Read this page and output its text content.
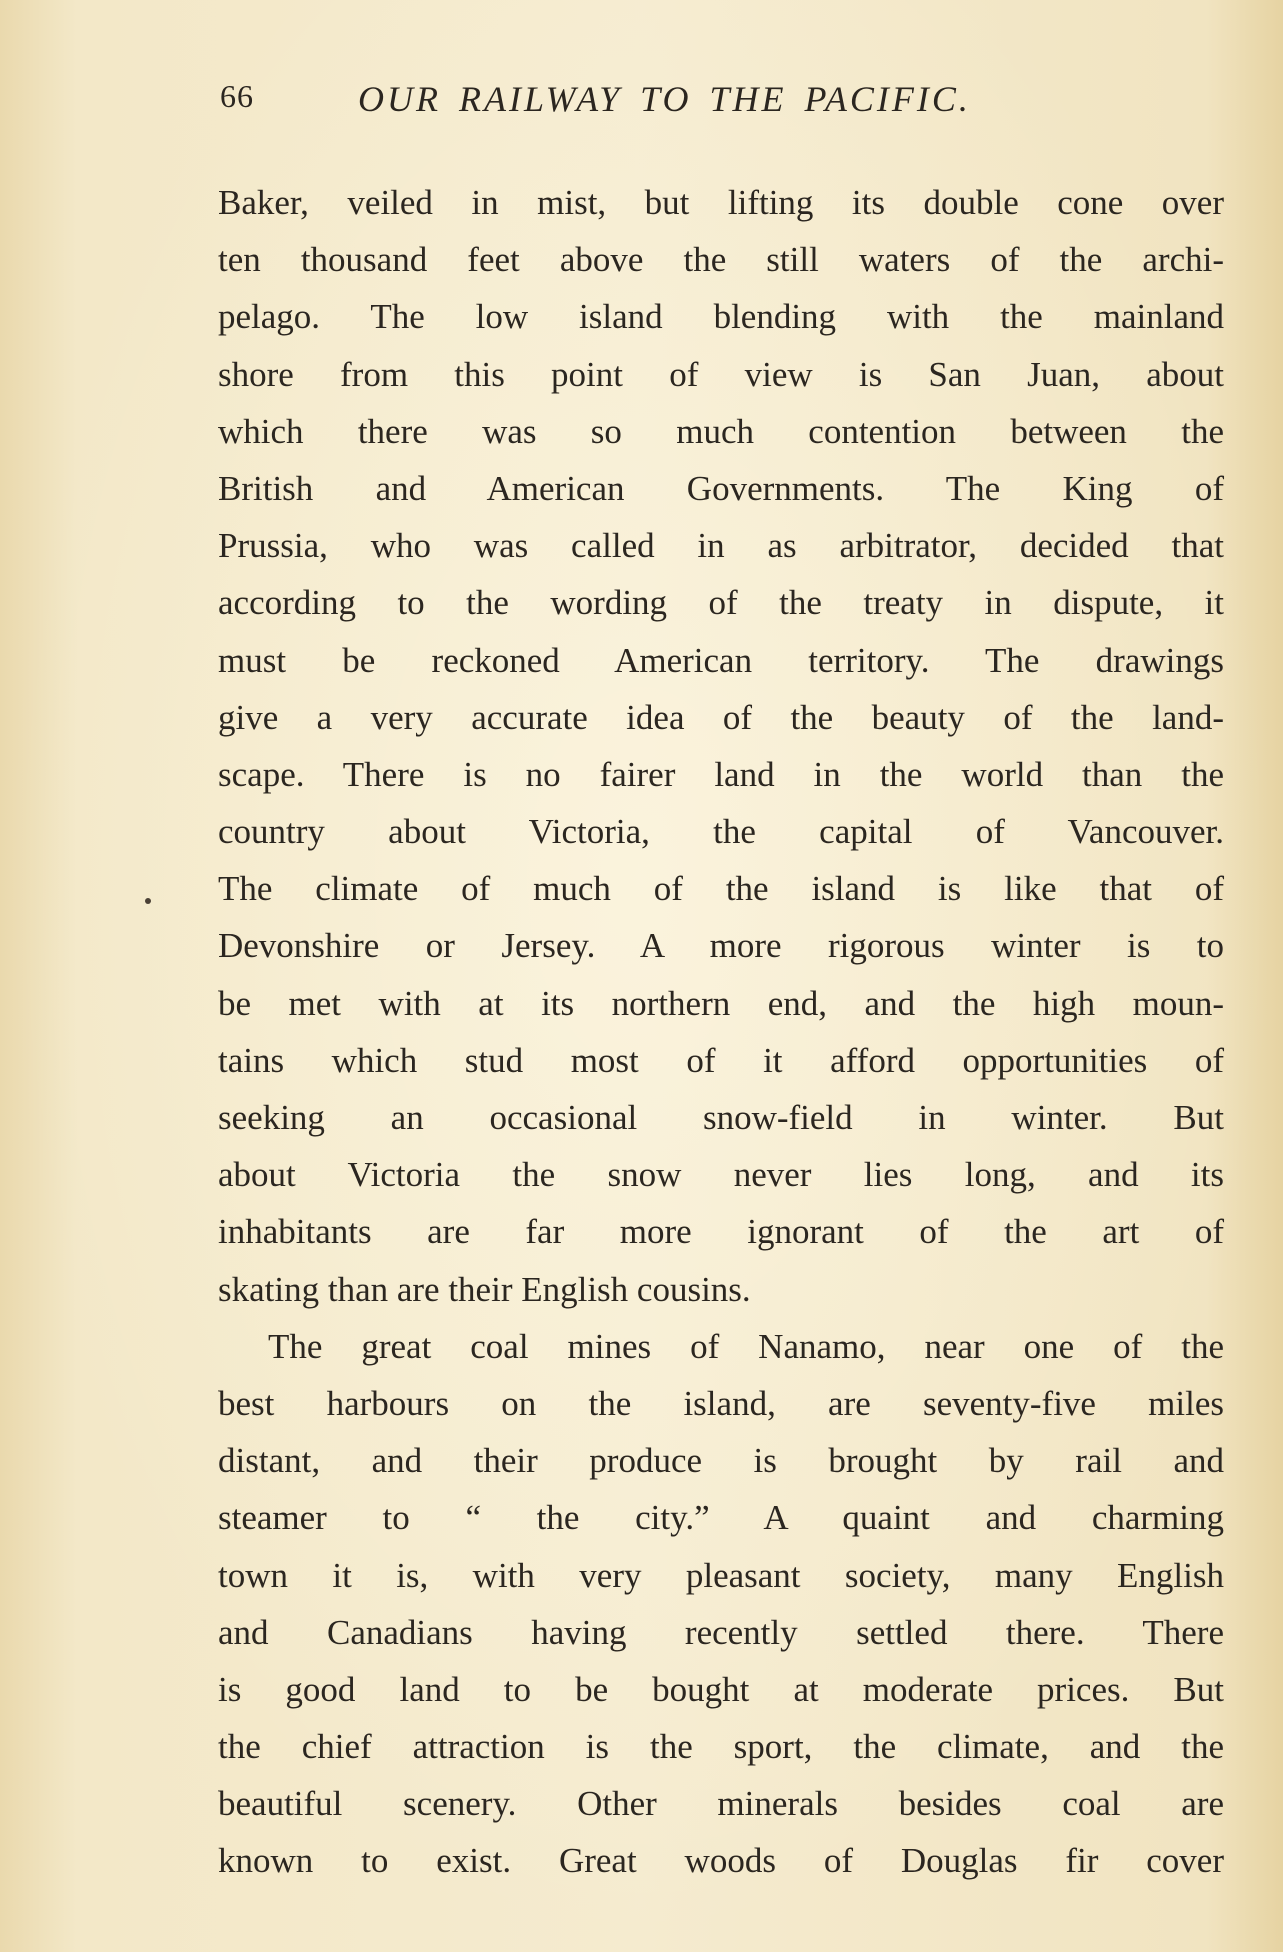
66	OUR RAILWAY TO THE PACIFIC.
Baker, veiled in mist, but lifting its double cone over
ten thousand feet above the still waters of the archi-
pelago. The low island blending with the mainland
shore from this point of view is San Juan, about
which there was so much contention between the
British and American Governments. The King of
Prussia, who was called in as arbitrator, decided that
according to the wording of the treaty in dispute, it
must be reckoned American territory. The drawings
give a very accurate idea of the beauty of the land-
scape. There is no fairer land in the world than the
country about Victoria, the capital of Vancouver.
The climate of much of the island is like that of
Devonshire or Jersey. A more rigorous winter is to
be met with at its northern end, and the high moun-
tains which stud most of it afford opportunities of
seeking an occasional snow-field in winter. But
about Victoria the snow never lies long, and its
inhabitants are far more ignorant of the art of
skating than are their English cousins.
The great coal mines of Nanamo, near one of the
best harbours on the island, are seventy-five miles
distant, and their produce is brought by rail and
steamer to “ the city.” A quaint and charming
town it is, with very pleasant society, many English
and Canadians having recently settled there. There
is good land to be bought at moderate prices. But
the chief attraction is the sport, the climate, and the
beautiful scenery. Other minerals besides coal are
known to exist. Great woods of Douglas fir cover
